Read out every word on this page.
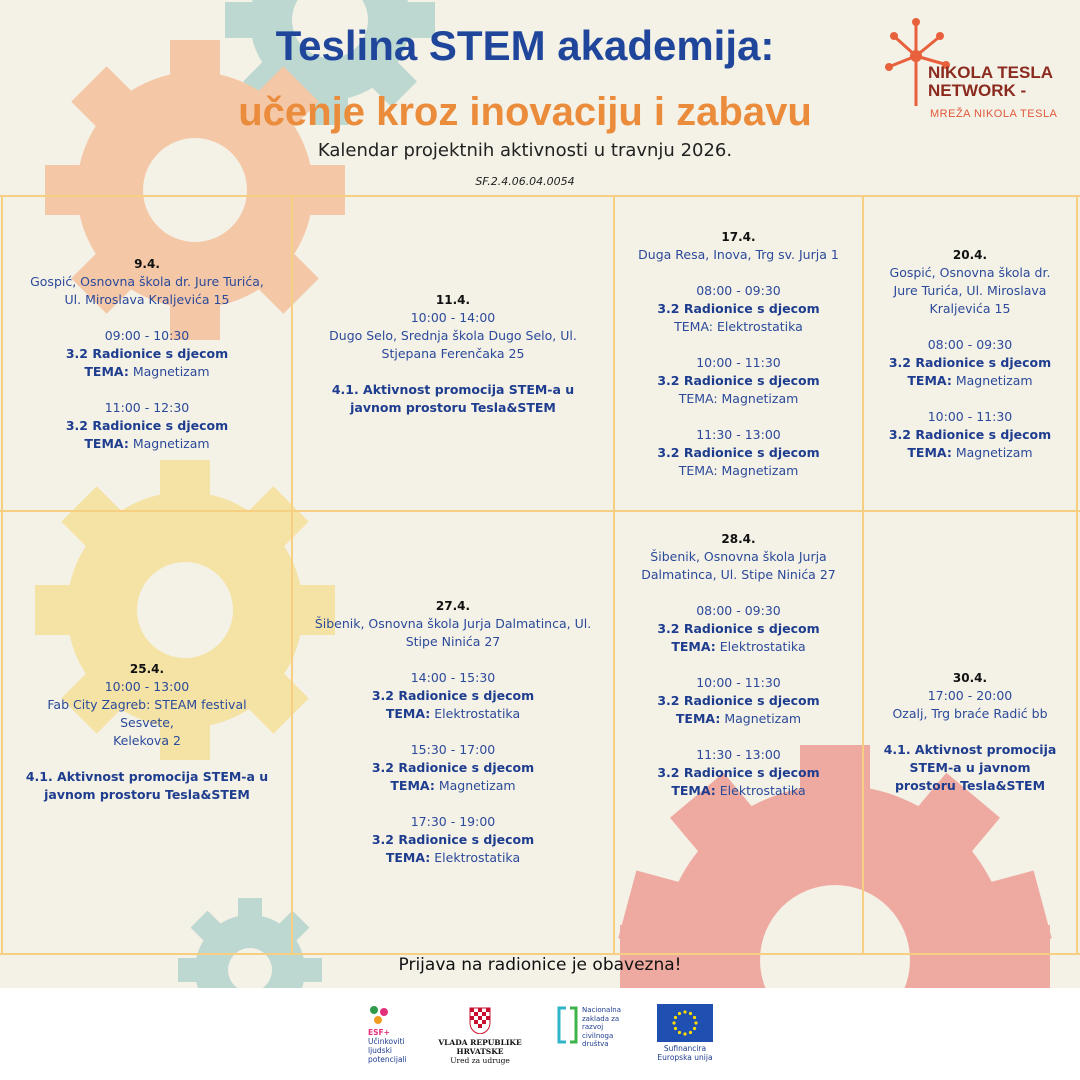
Teslina STEM akademija:
učenje kroz inovaciju i zabavu
Kalendar projektnih aktivnosti u travnju 2026.
SF.2.4.06.04.0054
NIKOLA TESLA
NETWORK -
MREŽA NIKOLA TESLA
9.4.
Gospić, Osnovna škola dr. Jure Turića, Ul. Miroslava Kraljevića 15
09:00 - 10:30
3.2 Radionice s djecom
TEMA: Magnetizam
11:00 - 12:30
3.2 Radionice s djecom
TEMA: Magnetizam
11.4.
10:00 - 14:00
Dugo Selo, Srednja škola Dugo Selo, Ul. Stjepana Ferenčaka 25
4.1. Aktivnost promocija STEM-a u javnom prostoru Tesla&STEM
17.4.
Duga Resa, Inova, Trg sv. Jurja 1
08:00 - 09:30
3.2 Radionice s djecom
TEMA: Elektrostatika
10:00 - 11:30
3.2 Radionice s djecom
TEMA: Magnetizam
11:30 - 13:00
3.2 Radionice s djecom
TEMA: Magnetizam
20.4.
Gospić, Osnovna škola dr. Jure Turića, Ul. Miroslava Kraljevića 15
08:00 - 09:30
3.2 Radionice s djecom
TEMA: Magnetizam
10:00 - 11:30
3.2 Radionice s djecom
TEMA: Magnetizam
25.4.
10:00 - 13:00
Fab City Zagreb: STEAM festival
Sesvete,
Kelekova 2
4.1. Aktivnost promocija STEM-a u javnom prostoru Tesla&STEM
27.4.
Šibenik, Osnovna škola Jurja Dalmatinca, Ul. Stipe Ninića 27
14:00 - 15:30
3.2 Radionice s djecom
TEMA: Elektrostatika
15:30 - 17:00
3.2 Radionice s djecom
TEMA: Magnetizam
17:30 - 19:00
3.2 Radionice s djecom
TEMA: Elektrostatika
28.4.
Šibenik, Osnovna škola Jurja Dalmatinca, Ul. Stipe Ninića 27
08:00 - 09:30
3.2 Radionice s djecom
TEMA: Elektrostatika
10:00 - 11:30
3.2 Radionice s djecom
TEMA: Magnetizam
11:30 - 13:00
3.2 Radionice s djecom
TEMA: Elektrostatika
30.4.
17:00 - 20:00
Ozalj, Trg braće Radić bb
4.1. Aktivnost promocija STEM-a u javnom prostoru Tesla&STEM
Prijava na radionice je obavezna!
ESF+
Učinkoviti
ljudski
potencijali
VLADA REPUBLIKE HRVATSKE
Ured za udruge
Nacionalna
zaklada za
razvoj
civilnoga
društva	Sufinancira
Europska unija
